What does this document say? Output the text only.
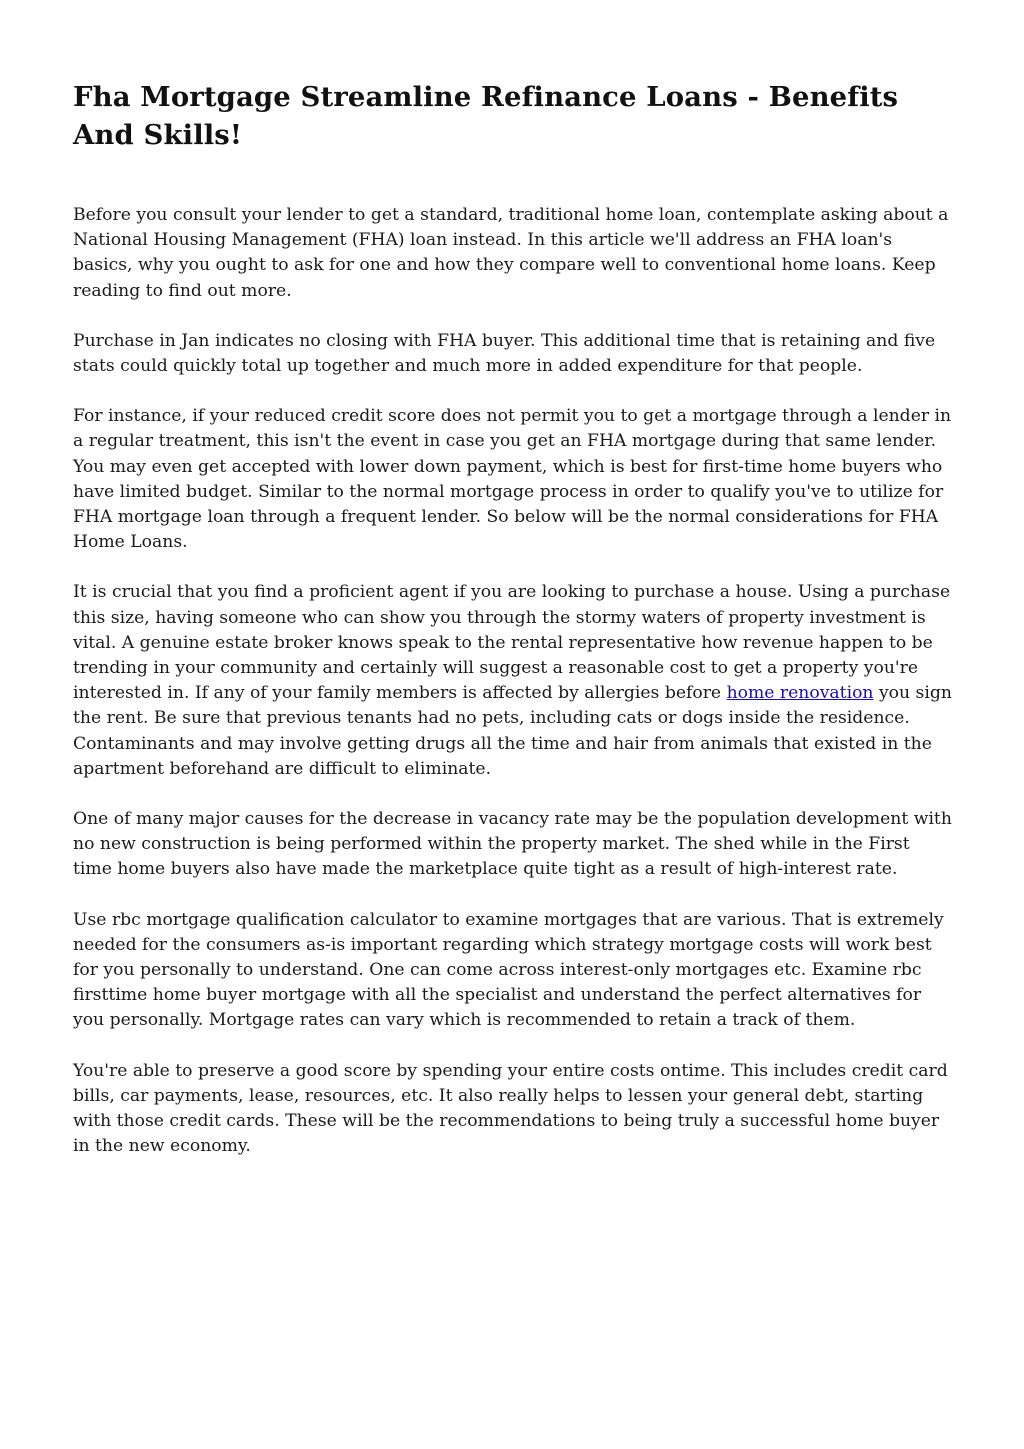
Fha Mortgage Streamline Refinance Loans - Benefits And Skills!

Before you consult your lender to get a standard, traditional home loan, contemplate asking about a National Housing Management (FHA) loan instead. In this article we'll address an FHA loan's basics, why you ought to ask for one and how they compare well to conventional home loans. Keep reading to find out more.

Purchase in Jan indicates no closing with FHA buyer. This additional time that is retaining and five stats could quickly total up together and much more in added expenditure for that people.

For instance, if your reduced credit score does not permit you to get a mortgage through a lender in a regular treatment, this isn't the event in case you get an FHA mortgage during that same lender. You may even get accepted with lower down payment, which is best for first-time home buyers who have limited budget. Similar to the normal mortgage process in order to qualify you've to utilize for FHA mortgage loan through a frequent lender. So below will be the normal considerations for FHA Home Loans.

It is crucial that you find a proficient agent if you are looking to purchase a house. Using a purchase this size, having someone who can show you through the stormy waters of property investment is vital. A genuine estate broker knows speak to the rental representative how revenue happen to be trending in your community and certainly will suggest a reasonable cost to get a property you're interested in. If any of your family members is affected by allergies before home renovation you sign the rent. Be sure that previous tenants had no pets, including cats or dogs inside the residence. Contaminants and may involve getting drugs all the time and hair from animals that existed in the apartment beforehand are difficult to eliminate.

One of many major causes for the decrease in vacancy rate may be the population development with no new construction is being performed within the property market. The shed while in the First time home buyers also have made the marketplace quite tight as a result of high-interest rate.

Use rbc mortgage qualification calculator to examine mortgages that are various. That is extremely needed for the consumers as-is important regarding which strategy mortgage costs will work best for you personally to understand. One can come across interest-only mortgages etc. Examine rbc firsttime home buyer mortgage with all the specialist and understand the perfect alternatives for you personally. Mortgage rates can vary which is recommended to retain a track of them.

You're able to preserve a good score by spending your entire costs ontime. This includes credit card bills, car payments, lease, resources, etc. It also really helps to lessen your general debt, starting with those credit cards. These will be the recommendations to being truly a successful home buyer in the new economy.
